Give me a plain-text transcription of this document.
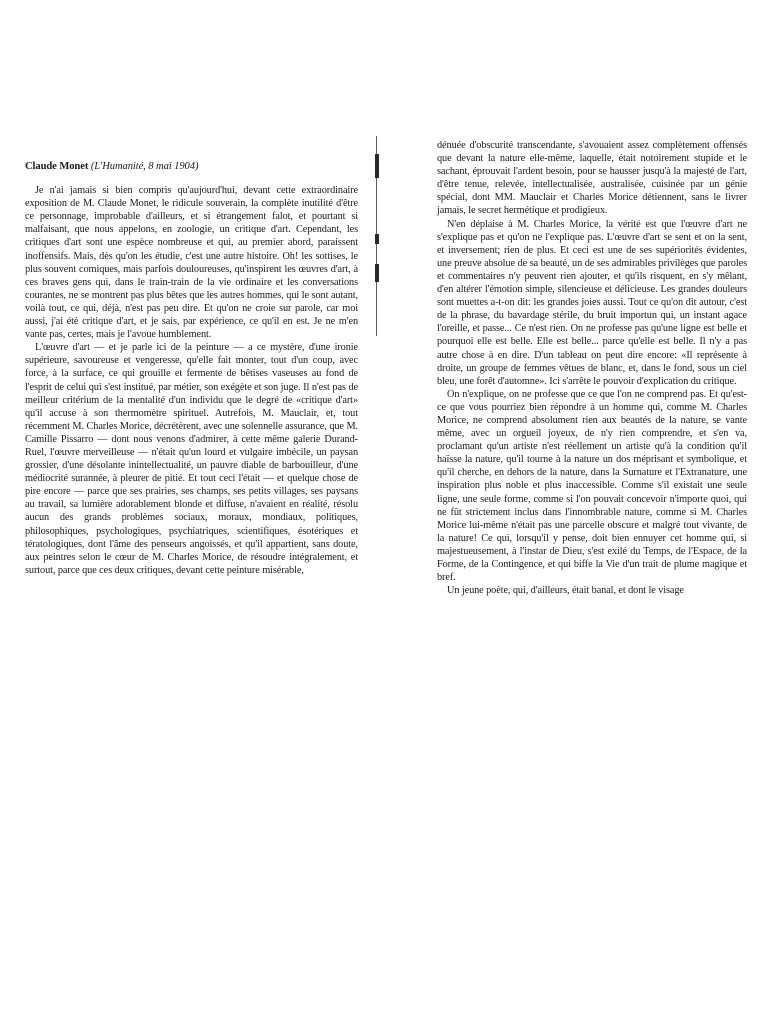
Claude Monet (L'Humanité, 8 mai 1904)

Je n'ai jamais si bien compris qu'aujourd'hui, devant cette extraordinaire exposition de M. Claude Monet, le ridicule souverain, la complète inutilité d'être ce personnage, improbable d'ailleurs, et si étrangement falot, et pourtant si malfaisant, que nous appelons, en zoologie, un critique d'art. Cependant, les critiques d'art sont une espèce nombreuse et qui, au premier abord, paraissent inoffensifs. Mais, dès qu'on les étudie, c'est une autre histoire. Oh! les sottises, le plus souvent comiques, mais parfois douloureuses, qu'inspirent les œuvres d'art, à ces braves gens qui, dans le train-train de la vie ordinaire et les conversations courantes, ne se montrent pas plus bêtes que les autres hommes, qui le sont autant, voilà tout, ce qui, déjà, n'est pas peu dire. Et qu'on ne croie sur parole, car moi aussi, j'ai été critique d'art, et je sais, par expérience, ce qu'il en est. Je ne m'en vante pas, certes, mais je l'avoue humblement.

L'œuvre d'art — et je parle ici de la peinture — a ce mystère, d'une ironie supérieure, savoureuse et vengeresse, qu'elle fait monter, tout d'un coup, avec force, à la surface, ce qui grouille et fermente de bêtises vaseuses au fond de l'esprit de celui qui s'est institué, par métier, son exégète et son juge. Il n'est pas de meilleur critérium de la mentalité d'un individu que le degré de «critique d'art» qu'il accuse à son thermomètre spirituel. Autrefois, M. Mauclair, et, tout récemment M. Charles Morice, décrétèrent, avec une solennelle assurance, que M. Camille Pissarro — dont nous venons d'admirer, à cette même galerie Durand-Ruel, l'œuvre merveilleuse — n'était qu'un lourd et vulgaire imbécile, un paysan grossier, d'une désolante inintellectualité, un pauvre diable de barbouilleur, d'une médiocrité surannée, à pleurer de pitié. Et tout ceci l'était — et quelque chose de pire encore — parce que ses prairies, ses champs, ses petits villages, ses paysans au travail, sa lumière adorablement blonde et diffuse, n'avaient en réalité, résolu aucun des grands problèmes sociaux, moraux, mondiaux, politiques, philosophiques, psychologiques, psychiatriques, scientifiques, ésotériques et tératologiques, dont l'âme des penseurs angoissés, et qu'il appartient, sans doute, aux peintres selon le cœur de M. Charles Morice, de résoudre intégralement, et surtout, parce que ces deux critiques, devant cette peinture misérable,

dénuée d'obscurité transcendante, s'avouaient assez complètement offensés que devant la nature elle-même, laquelle, était notoirement stupide et le sachant, éprouvait l'ardent besoin, pour se hausser jusqu'à la majesté de l'art, d'être tenue, relevée, intellectualisée, australisée, cuisinée par un génie spécial, dont MM. Mauclair et Charles Morice détiennent, sans le livrer jamais, le secret hermétique et prodigieux.

N'en déplaise à M. Charles Morice, la vérité est que l'œuvre d'art ne s'explique pas et qu'on ne l'explique pas. L'œuvre d'art se sent et on la sent, et inversement; rien de plus. Et ceci est une de ses supériorités évidentes, une preuve absolue de sa beauté, un de ses admirables privilèges que paroles et commentaires n'y peuvent rien ajouter, et qu'ils risquent, en s'y mêlant, d'en altérer l'émotion simple, silencieuse et délicieuse. Les grandes douleurs sont muettes a-t-on dit: les grandes joies aussi. Tout ce qu'on dit autour, c'est de la phrase, du bavardage stérile, du bruit importun qui, un instant agace l'oreille, et passe... Ce n'est rien. On ne professe pas qu'une ligne est belle et pourquoi elle est belle. Elle est belle... parce qu'elle est belle. Il n'y a pas autre chose à en dire. D'un tableau on peut dire encore: «Il représente à droite, un groupe de femmes vêtues de blanc, et, dans le fond, sous un ciel bleu, une forêt d'automne». Ici s'arrête le pouvoir d'explication du critique.

On n'explique, on ne professe que ce que l'on ne comprend pas. Et qu'est-ce que vous pourriez bien répondre à un homme qui, comme M. Charles Morice, ne comprend absolument rien aux beautés de la nature, se vante même, avec un orgueil joyeux, de n'y rien comprendre, et s'en va, proclamant qu'un artiste n'est réellement un artiste qu'à la condition qu'il haïsse la nature, qu'il tourne à la nature un dos méprisant et symbolique, et qu'il cherche, en dehors de la nature, dans la Surnature et l'Extranature, une inspiration plus noble et plus inaccessible. Comme s'il existait une seule ligne, une seule forme, comme si l'on pouvait concevoir n'importe quoi, qui ne fût strictement inclus dans l'innombrable nature, comme si M. Charles Morice lui-même n'était pas une parcelle obscure et malgré tout vivante, de la nature! Ce qui, lorsqu'il y pense, doit bien ennuyer cet homme qui, si majestueusement, à l'instar de Dieu, s'est exilé du Temps, de l'Espace, de la Forme, de la Contingence, et qui biffe la Vie d'un trait de plume magique et bref.

Un jeune poète, qui, d'ailleurs, était banal, et dont le visage
